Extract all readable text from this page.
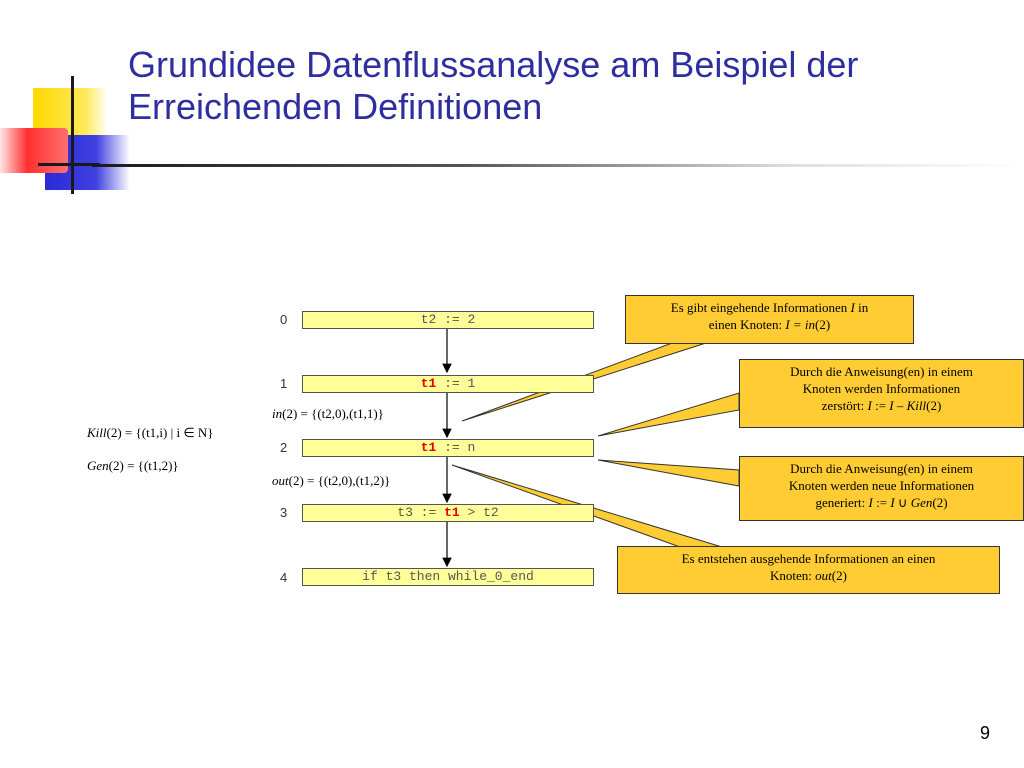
Grundidee Datenflussanalyse am Beispiel der
Erreichenden Definitionen
0	t2 := 2
1	t1 := 1
2	t1 := n
3	t3 := t1 > t2
4	if t3 then while_0_end
in(2) = {(t2,0),(t1,1)}
out(2) = {(t2,0),(t1,2)}
Kill(2) = {(t1,i) | i ∈ N}
Gen(2) = {(t1,2)}
Es gibt eingehende Informationen I in
einen Knoten: I = in(2)
Durch die Anweisung(en) in einem
Knoten werden Informationen
zerstört: I := I – Kill(2)
Durch die Anweisung(en) in einem
Knoten werden neue Informationen
generiert: I := I ∪ Gen(2)
Es entstehen ausgehende Informationen an einen
Knoten: out(2)
9
